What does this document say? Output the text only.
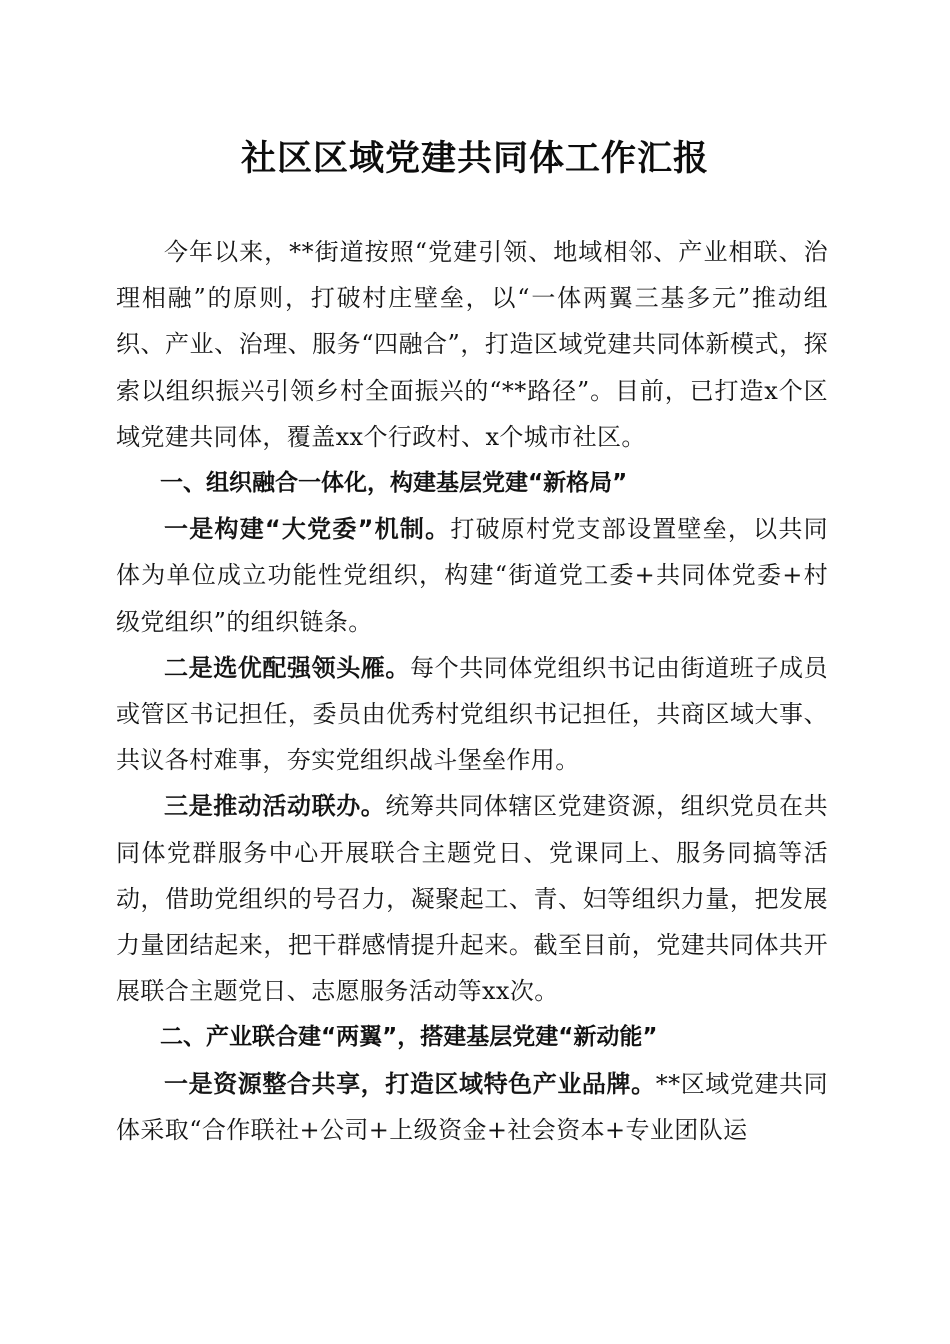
社区区域党建共同体工作汇报

今年以来，**街道按照“党建引领、地域相邻、产业相联、治理相融”的原则，打破村庄壁垒，以“一体两翼三基多元”推动组织、产业、治理、服务“四融合”，打造区域党建共同体新模式，探索以组织振兴引领乡村全面振兴的“**路径”。目前，已打造x个区域党建共同体，覆盖xx个行政村、x个城市社区。

一、组织融合一体化，构建基层党建“新格局”

一是构建“大党委”机制。打破原村党支部设置壁垒，以共同体为单位成立功能性党组织，构建“街道党工委+共同体党委+村级党组织”的组织链条。

二是选优配强领头雁。每个共同体党组织书记由街道班子成员或管区书记担任，委员由优秀村党组织书记担任，共商区域大事、共议各村难事，夯实党组织战斗堡垒作用。

三是推动活动联办。统筹共同体辖区党建资源，组织党员在共同体党群服务中心开展联合主题党日、党课同上、服务同搞等活动，借助党组织的号召力，凝聚起工、青、妇等组织力量，把发展力量团结起来，把干群感情提升起来。截至目前，党建共同体共开展联合主题党日、志愿服务活动等xx次。

二、产业联合建“两翼”，搭建基层党建“新动能”

一是资源整合共享，打造区域特色产业品牌。**区域党建共同体采取“合作联社+公司+上级资金+社会资本+专业团队运
